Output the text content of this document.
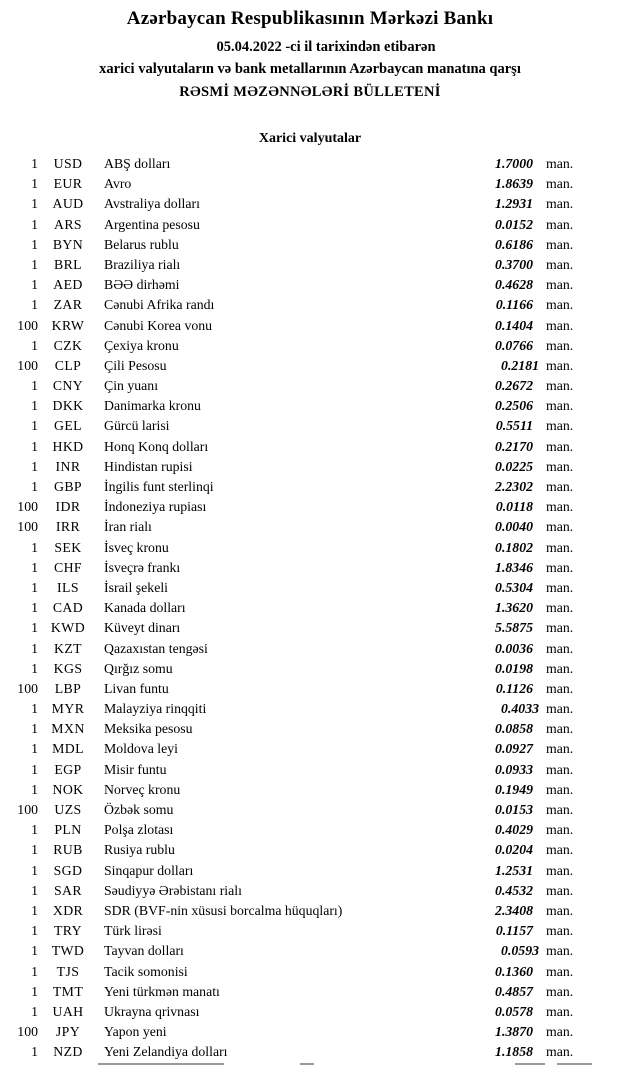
Azərbaycan Respublikasının Mərkəzi Bankı
05.04.2022 -ci il tarixindən etibarən
xarici valyutaların və bank metallarının Azərbaycan manatına qarşı
RƏSMİ MƏZƏNNƏLƏRİ BÜLLETENİ
Xarici valyutalar
1	USD	ABŞ dolları	1.7000 man.
1	EUR	Avro	1.8639 man.
1	AUD	Avstraliya dolları	1.2931 man.
1	ARS	Argentina pesosu	0.0152 man.
1	BYN	Belarus rublu	0.6186 man.
1	BRL	Braziliya rialı	0.3700 man.
1	AED	BƏƏ dirhəmi	0.4628 man.
1	ZAR	Cənubi Afrika randı	0.1166 man.
100 KRW	Cənubi Korea vonu	0.1404 man.
1	CZK	Çexiya kronu	0.0766 man.
100	CLP	Çili Pesosu	0.2181 man.
1	CNY	Çin yuanı	0.2672 man.
1	DKK	Danimarka kronu	0.2506 man.
1	GEL	Gürcü larisi	0.5511 man.
1	HKD	Honq Konq dolları	0.2170 man.
1	INR	Hindistan rupisi	0.0225 man.
1	GBP	İngilis funt sterlinqi	2.2302 man.
100	IDR	İndoneziya rupiası	0.0118 man.
100	IRR	İran rialı	0.0040 man.
1	SEK	İsveç kronu	0.1802 man.
1	CHF	İsveçrə frankı	1.8346 man.
1	ILS	İsrail şekeli	0.5304 man.
1	CAD	Kanada dolları	1.3620 man.
1 KWD	Küveyt dinarı	5.5875 man.
1	KZT	Qazaxıstan tengəsi	0.0036 man.
1	KGS	Qırğız somu	0.0198 man.
100	LBP	Livan funtu	0.1126 man.
1 MYR	Malayziya rinqqiti	0.4033 man.
1 MXN	Meksika pesosu	0.0858 man.
1	MDL	Moldova leyi	0.0927 man.
1	EGP	Misir funtu	0.0933 man.
1	NOK	Norveç kronu	0.1949 man.
100	UZS	Özbək somu	0.0153 man.
1	PLN	Polşa zlotası	0.4029 man.
1	RUB	Rusiya rublu	0.0204 man.
1	SGD	Sinqapur dolları	1.2531 man.
1	SAR	Səudiyyə Ərəbistanı rialı	0.4532 man.
1	XDR	SDR (BVF-nin xüsusi borcalma hüquqları)	2.3408 man.
1	TRY	Türk lirəsi	0.1157 man.
1 TWD	Tayvan dolları	0.0593 man.
1	TJS	Tacik somonisi	0.1360 man.
1	TMT	Yeni türkmən manatı	0.4857 man.
1	UAH	Ukrayna qrivnası	0.0578 man.
100	JPY	Yapon yeni	1.3870 man.
1	NZD	Yeni Zelandiya dolları	1.1858 man.
